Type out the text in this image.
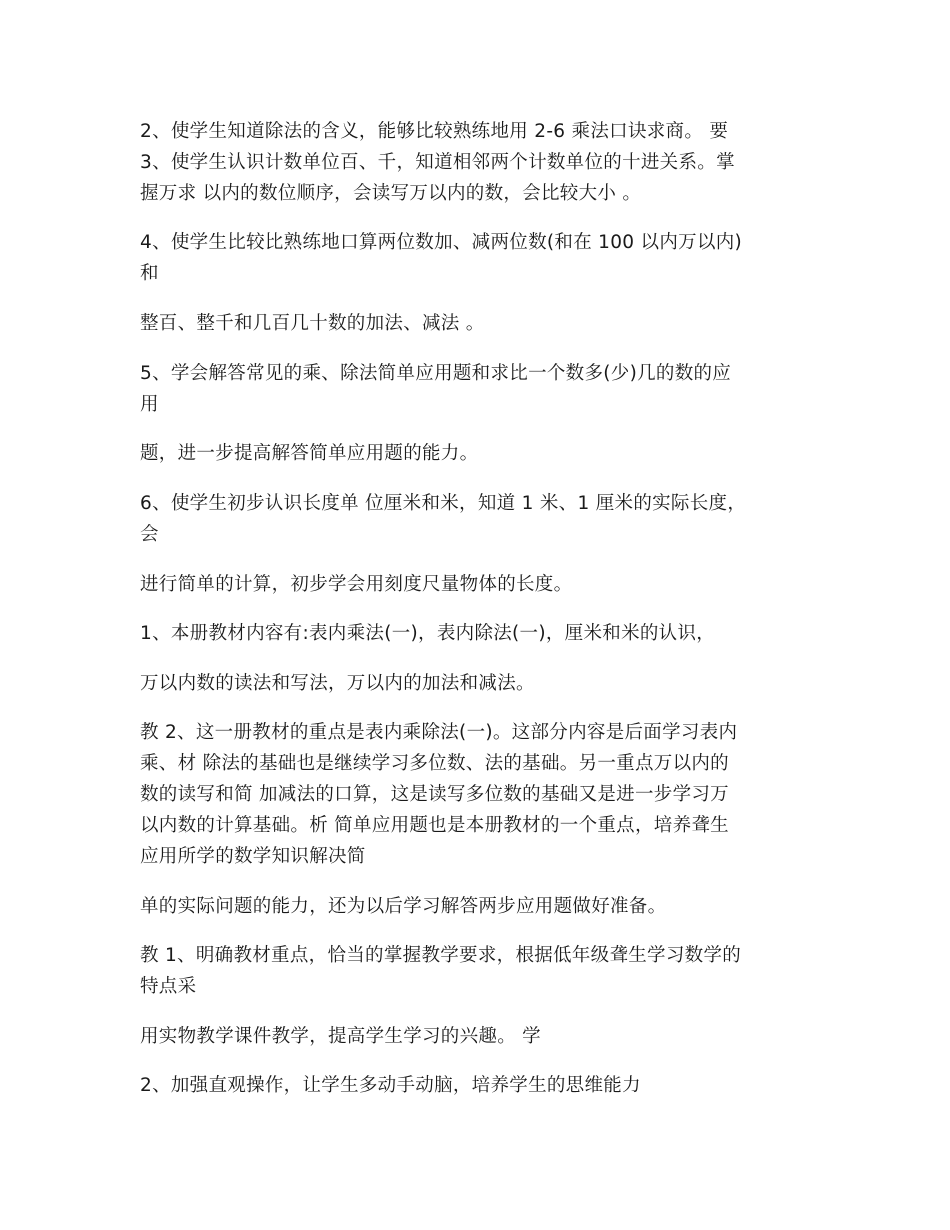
2、使学生知道除法的含义，能够比较熟练地用 2-6 乘法口诀求商。 要
3、使学生认识计数单位百、千，知道相邻两个计数单位的十进关系。掌
握万求 以内的数位顺序，会读写万以内的数，会比较大小 。
4、使学生比较比熟练地口算两位数加、减两位数(和在 100 以内万以内)
和
整百、整千和几百几十数的加法、减法 。
5、学会解答常见的乘、除法简单应用题和求比一个数多(少)几的数的应
用
题，进一步提高解答简单应用题的能力。
6、使学生初步认识长度单 位厘米和米，知道 1 米、1 厘米的实际长度，
会
进行简单的计算，初步学会用刻度尺量物体的长度。
1、本册教材内容有:表内乘法(一)，表内除法(一)，厘米和米的认识，
万以内数的读法和写法，万以内的加法和减法。
教 2、这一册教材的重点是表内乘除法(一)。这部分内容是后面学习表内
乘、材 除法的基础也是继续学习多位数、法的基础。另一重点万以内的
数的读写和简 加减法的口算，这是读写多位数的基础又是进一步学习万
以内数的计算基础。析 简单应用题也是本册教材的一个重点，培养聋生
应用所学的数学知识解决简
单的实际问题的能力，还为以后学习解答两步应用题做好准备。
教 1、明确教材重点，恰当的掌握教学要求，根据低年级聋生学习数学的
特点采
用实物教学课件教学，提高学生学习的兴趣。 学
2、加强直观操作，让学生多动手动脑，培养学生的思维能力
